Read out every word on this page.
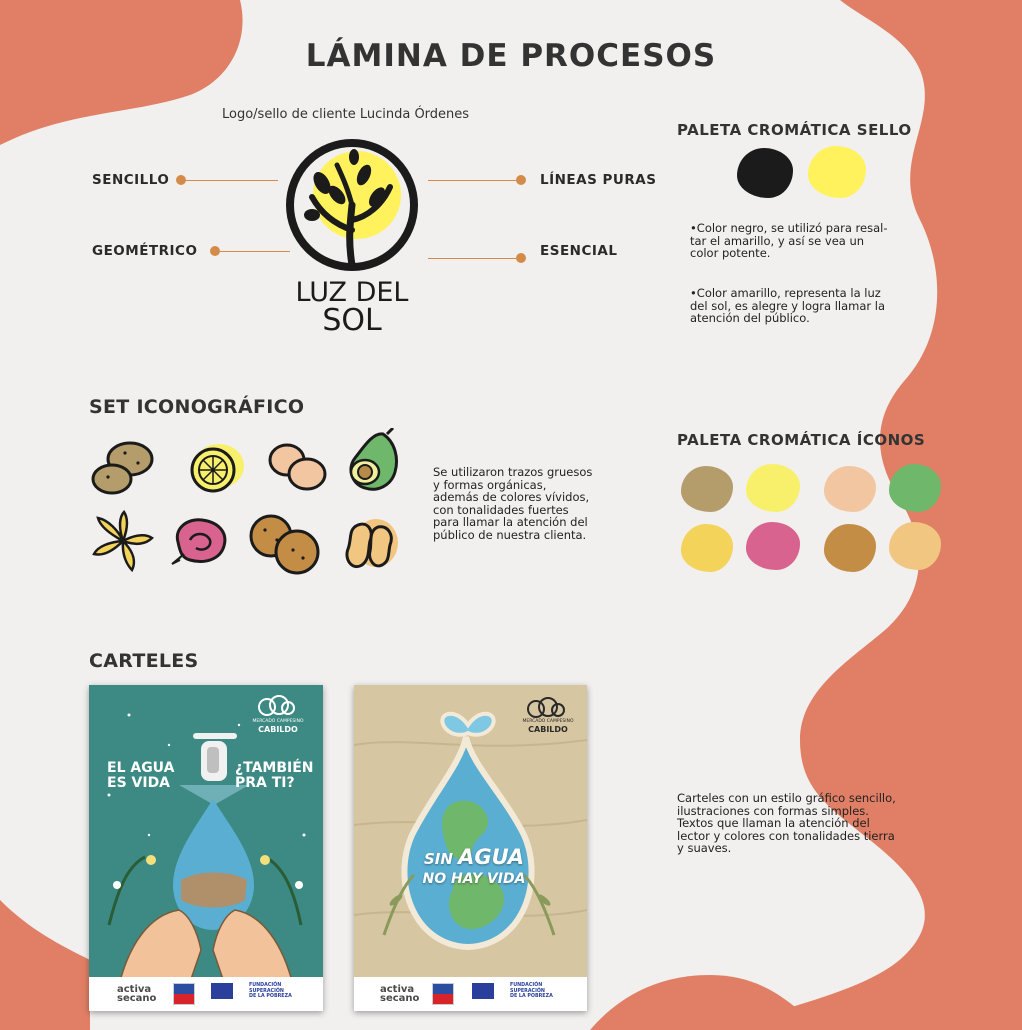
LÁMINA DE PROCESOS
Logo/sello de cliente Lucinda Órdenes
SENCILLO
GEOMÉTRICO
LÍNEAS PURAS
ESENCIAL
LUZ DEL
SOL
PALETA CROMÁTICA SELLO
•Color negro, se utilizó para resal-
tar el amarillo, y así se vea un
color potente.
•Color amarillo, representa la luz
del sol, es alegre y logra llamar la
atención del público.
SET ICONOGRÁFICO
Se utilizaron trazos gruesos
y formas orgánicas,
además de colores vívidos,
con tonalidades fuertes
para llamar la atención del
público de nuestra clienta.
PALETA CROMÁTICA ÍCONOS
CARTELES
MERCADO CAMPESINO
CABILDO
EL AGUA
ES VIDA
¿TAMBIÉN
PRA TI?
activa
secano
FUNDACIÓN
SUPERACIÓN
DE LA POBREZA
MERCADO CAMPESINO
CABILDO
SIN AGUA
NO HAY VIDA
activa
secano
FUNDACIÓN
SUPERACIÓN
DE LA POBREZA
Carteles con un estilo gráfico sencillo,
ilustraciones con formas simples.
Textos que llaman la atención del
lector y colores con tonalidades tierra
y suaves.
